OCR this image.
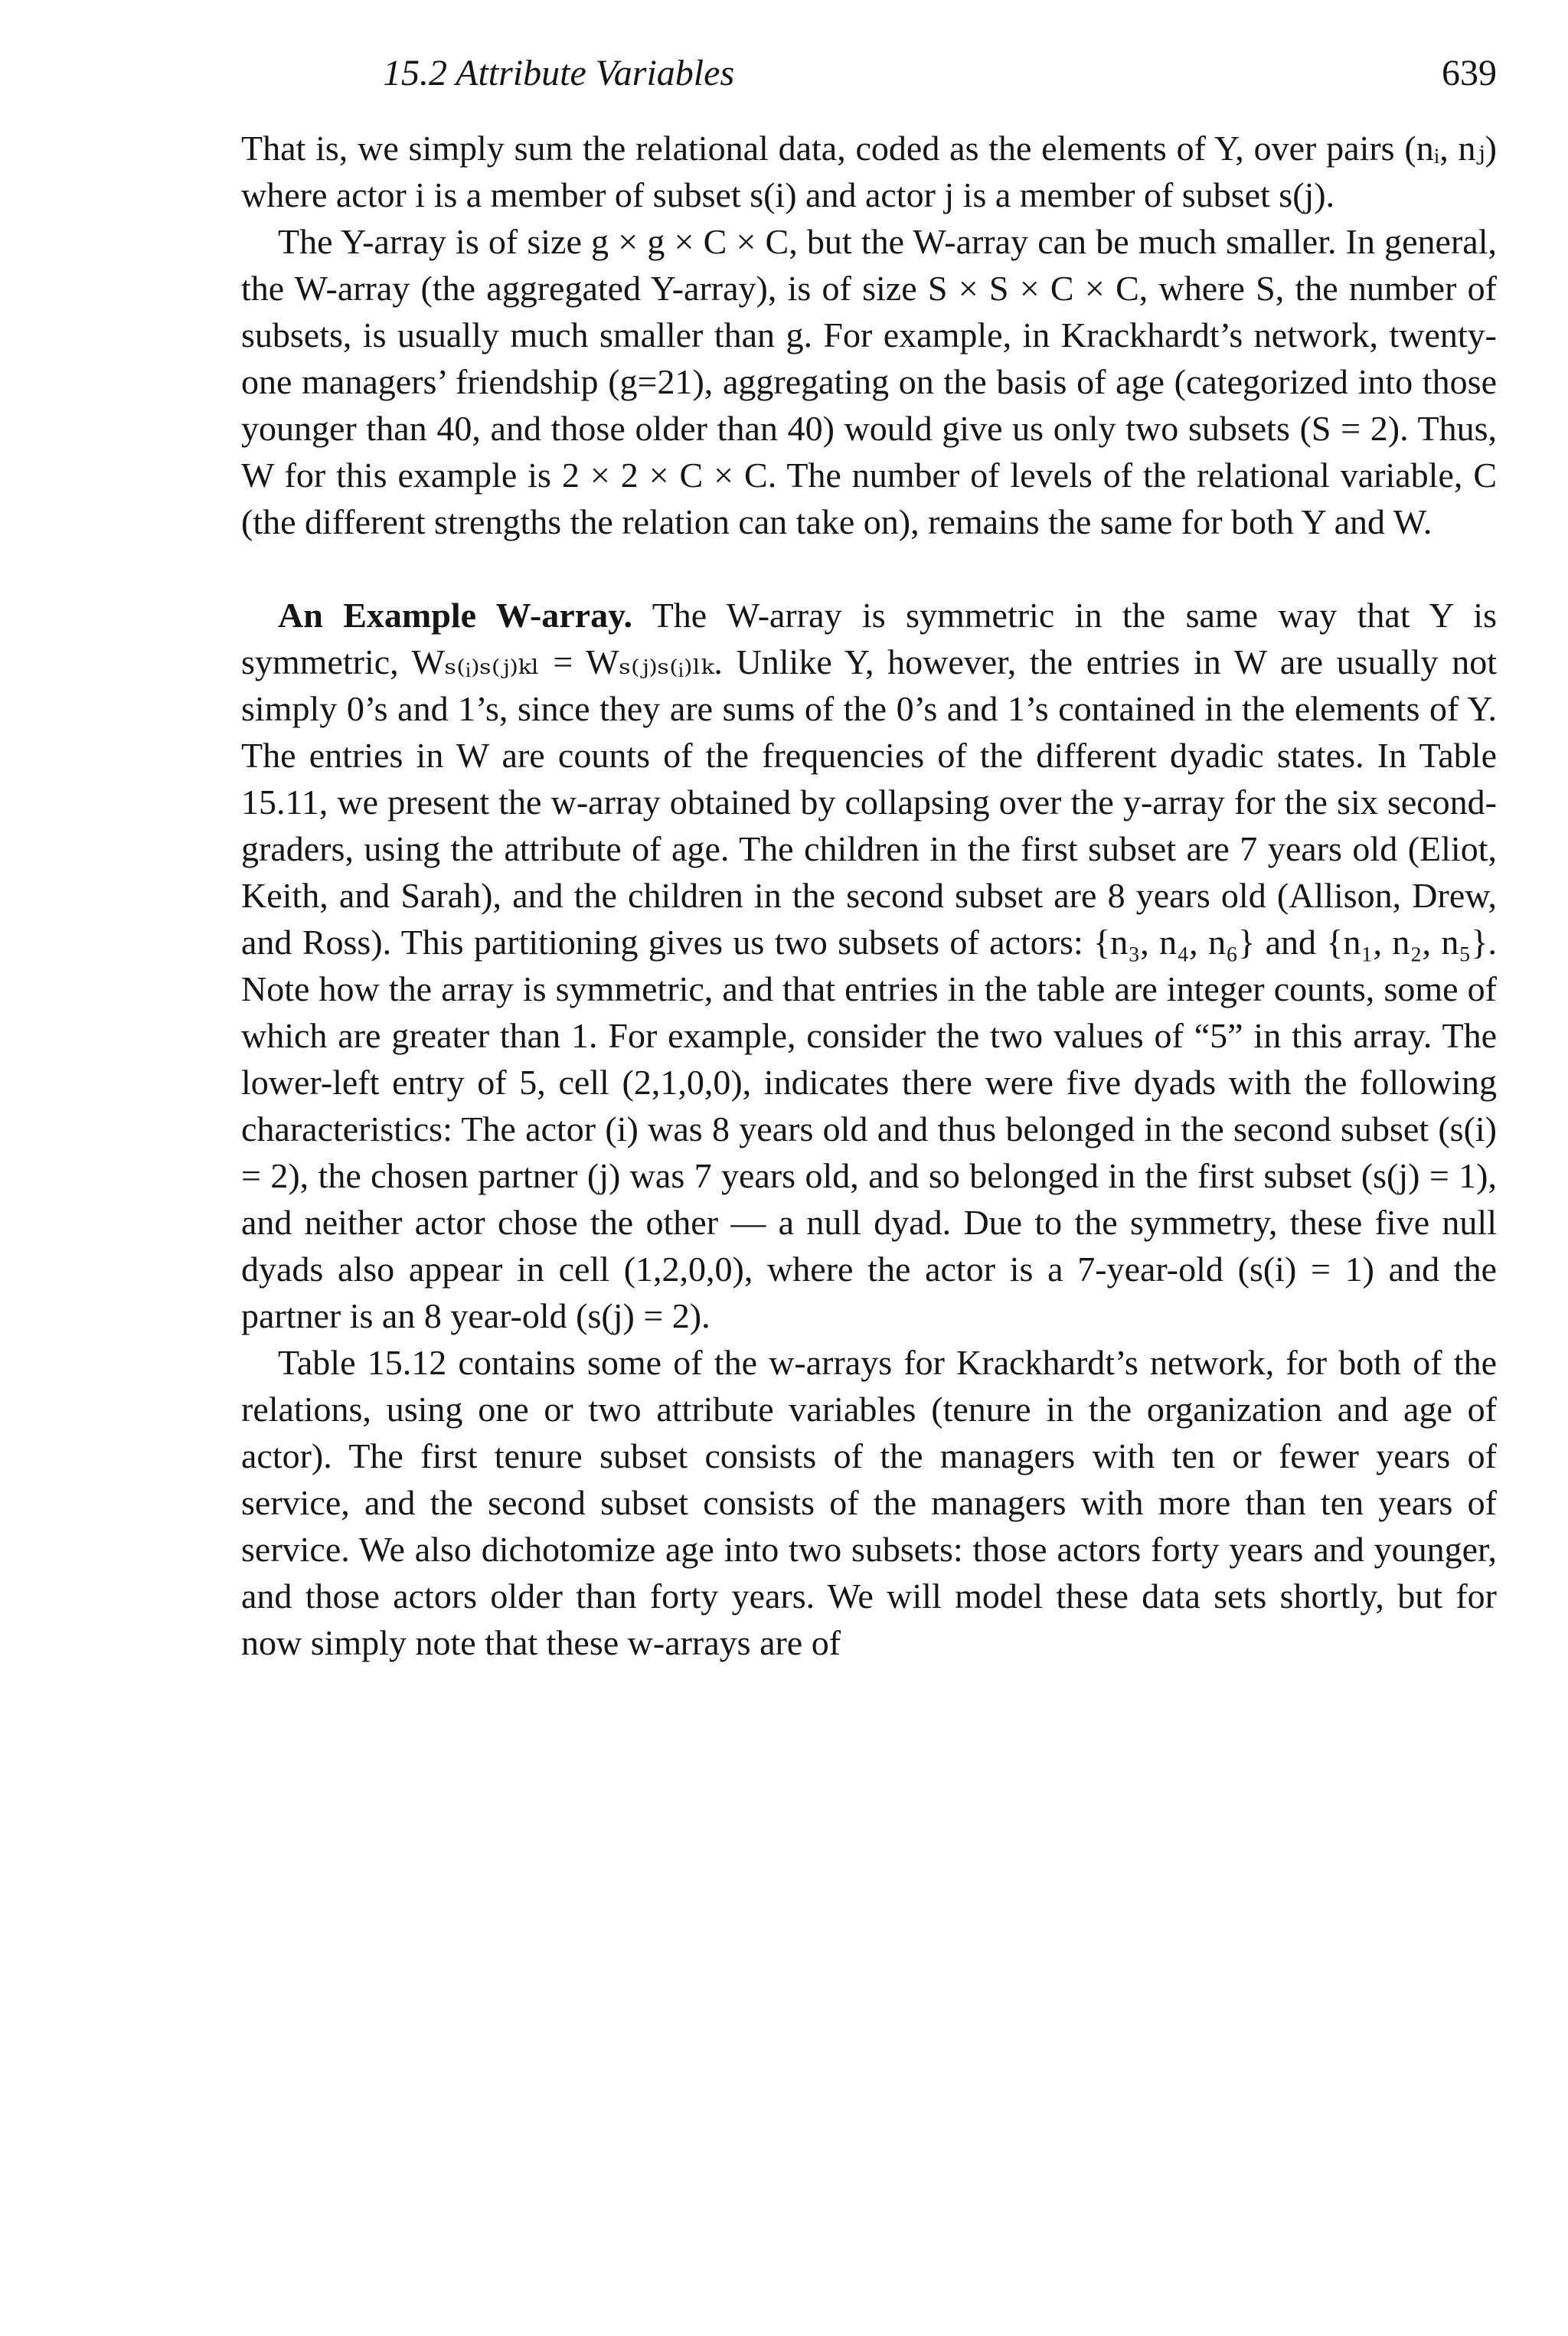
15.2 Attribute Variables	639

That is, we simply sum the relational data, coded as the elements of Y, over pairs (nᵢ, nⱼ) where actor i is a member of subset s(i) and actor j is a member of subset s(j).

The Y-array is of size g × g × C × C, but the W-array can be much smaller. In general, the W-array (the aggregated Y-array), is of size S × S × C × C, where S, the number of subsets, is usually much smaller than g. For example, in Krackhardt’s network, twenty-one managers’ friendship (g=21), aggregating on the basis of age (categorized into those younger than 40, and those older than 40) would give us only two subsets (S = 2). Thus, W for this example is 2 × 2 × C × C. The number of levels of the relational variable, C (the different strengths the relation can take on), remains the same for both Y and W.

An Example W-array. The W-array is symmetric in the same way that Y is symmetric, Wₛ₍ᵢ₎ₛ₍ⱼ₎ₖₗ = Wₛ₍ⱼ₎ₛ₍ᵢ₎ₗₖ. Unlike Y, however, the entries in W are usually not simply 0’s and 1’s, since they are sums of the 0’s and 1’s contained in the elements of Y. The entries in W are counts of the frequencies of the different dyadic states. In Table 15.11, we present the w-array obtained by collapsing over the y-array for the six second-graders, using the attribute of age. The children in the first subset are 7 years old (Eliot, Keith, and Sarah), and the children in the second subset are 8 years old (Allison, Drew, and Ross). This partitioning gives us two subsets of actors: {n₃, n₄, n₆} and {n₁, n₂, n₅}. Note how the array is symmetric, and that entries in the table are integer counts, some of which are greater than 1. For example, consider the two values of “5” in this array. The lower-left entry of 5, cell (2,1,0,0), indicates there were five dyads with the following characteristics: The actor (i) was 8 years old and thus belonged in the second subset (s(i) = 2), the chosen partner (j) was 7 years old, and so belonged in the first subset (s(j) = 1), and neither actor chose the other — a null dyad. Due to the symmetry, these five null dyads also appear in cell (1,2,0,0), where the actor is a 7-year-old (s(i) = 1) and the partner is an 8 year-old (s(j) = 2).

Table 15.12 contains some of the w-arrays for Krackhardt’s network, for both of the relations, using one or two attribute variables (tenure in the organization and age of actor). The first tenure subset consists of the managers with ten or fewer years of service, and the second subset consists of the managers with more than ten years of service. We also dichotomize age into two subsets: those actors forty years and younger, and those actors older than forty years. We will model these data sets shortly, but for now simply note that these w-arrays are of
